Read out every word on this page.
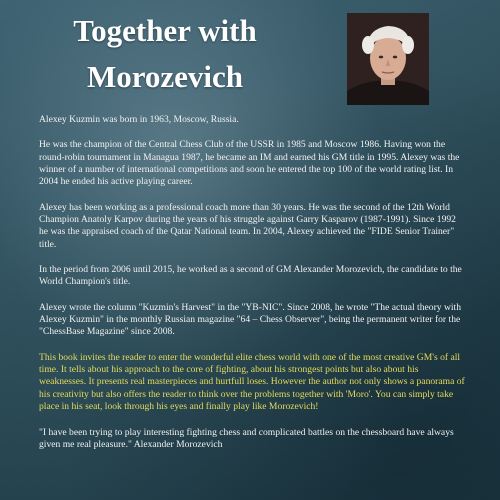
Together with
Morozevich

Alexey Kuzmin was born in 1963, Moscow, Russia.

He was the champion of the Central Chess Club of the USSR in 1985 and Moscow 1986. Having won the round-robin tournament in Managua 1987, he became an IM and earned his GM title in 1995. Alexey was the winner of a number of international competitions and soon he entered the top 100 of the world rating list. In 2004 he ended his active playing career.

Alexey has been working as a professional coach more than 30 years. He was the second of the 12th World Champion Anatoly Karpov during the years of his struggle against Garry Kasparov (1987-1991). Since 1992 he was the appraised coach of the Qatar National team. In 2004, Alexey achieved the "FIDE Senior Trainer" title.

In the period from 2006 until 2015, he worked as a second of GM Alexander Morozevich, the candidate to the World Champion's title.

Alexey wrote the column "Kuzmin's Harvest" in the "YB-NIC". Since 2008, he wrote "The actual theory with Alexey Kuzmin" in the monthly Russian magazine "64 – Chess Observer", being the permanent writer for the "ChessBase Magazine" since 2008.

This book invites the reader to enter the wonderful elite chess world with one of the most creative GM's of all time. It tells about his approach to the core of fighting, about his strongest points but also about his weaknesses. It presents real masterpieces and hurtfull loses. However the author not only shows a panorama of his creativity but also offers the reader to think over the problems together with 'Moro'. You can simply take place in his seat, look through his eyes and finally play like Morozevich!

"I have been trying to play interesting fighting chess and complicated battles on the chessboard have always given me real pleasure." Alexander Morozevich
